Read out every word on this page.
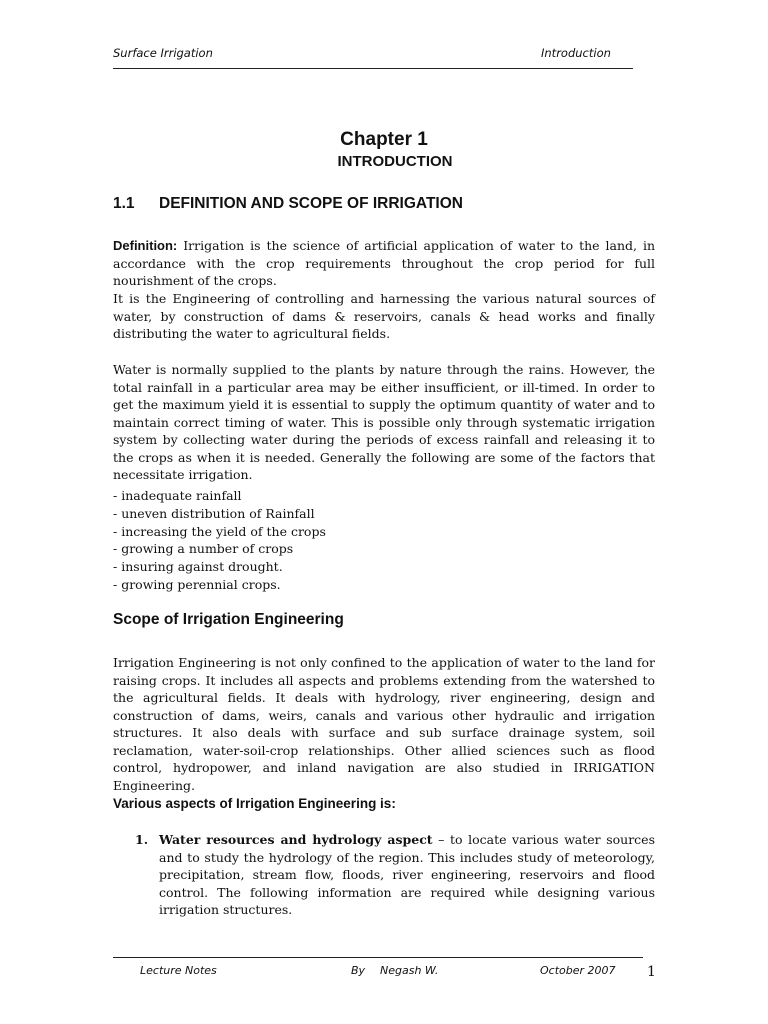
Surface Irrigation	Introduction
Chapter 1
INTRODUCTION
1.1 DEFINITION AND SCOPE OF IRRIGATION

Definition: Irrigation is the science of artificial application of water to the land, in accordance with the crop requirements throughout the crop period for full nourishment of the crops.

It is the Engineering of controlling and harnessing the various natural sources of water, by construction of dams & reservoirs, canals & head works and finally distributing the water to agricultural fields.

Water is normally supplied to the plants by nature through the rains. However, the total rainfall in a particular area may be either insufficient, or ill-timed. In order to get the maximum yield it is essential to supply the optimum quantity of water and to maintain correct timing of water. This is possible only through systematic irrigation system by collecting water during the periods of excess rainfall and releasing it to the crops as when it is needed. Generally the following are some of the factors that necessitate irrigation.

- inadequate rainfall
- uneven distribution of Rainfall
- increasing the yield of the crops
- growing a number of crops
- insuring against drought.
- growing perennial crops.
Scope of Irrigation Engineering

Irrigation Engineering is not only confined to the application of water to the land for raising crops. It includes all aspects and problems extending from the watershed to the agricultural fields. It deals with hydrology, river engineering, design and construction of dams, weirs, canals and various other hydraulic and irrigation structures. It also deals with surface and sub surface drainage system, soil reclamation, water-soil-crop relationships. Other allied sciences such as flood control, hydropower, and inland navigation are also studied in IRRIGATION Engineering.

Various aspects of Irrigation Engineering is:
1. Water resources and hydrology aspect – to locate various water sources and to study the hydrology of the region. This includes study of meteorology, precipitation, stream flow, floods, river engineering, reservoirs and flood control. The following information are required while designing various irrigation structures.
Lecture Notes	By Negash W.	October 2007 1
